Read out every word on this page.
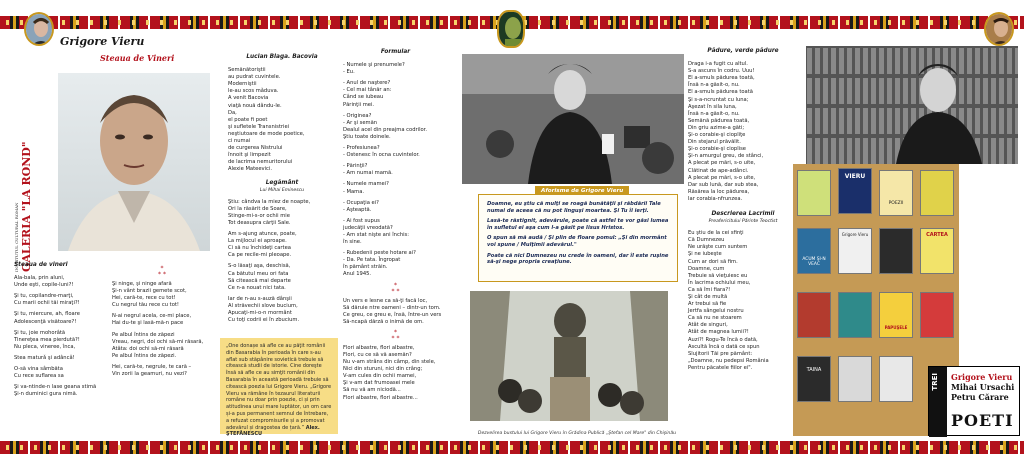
Grigore Vieru
Steaua de Vineri
INSTITUTUL CULTURAL ROMAN GALERIA "LA ROND"
Steaua de vineri
Ala-bala, prin aluni,
Unde eşti, copile-luni?!
Şi tu, copilandre-marţi,
Cu marii ochii tăi miraţi?!
Şi tu, miercure, ah, floare
Adolescenţă visătoare?!
Şi tu, joie mohorâtă
Tinereţea mea pierdută?!
Nu pleca, vineree, înca,
Stea maturǎ şi adâncǎ!
O-să vina sâmbăta
Cu rece suflarea sa
Şi va-ntinde-n lase geana stimă
Şi-n duminici gura nimă.
*
* *
Şi ninge, şi ninge afară
Şi-n vânt brazii gemete scot,
Hei, cară-te, rece cu tot!
Cu negrul tău rece cu tot!
N-ai negrul acela, ce-mi place,
Hai du-te şi lasă-mă-n pace
Pe albul întins de zăpezi
Vreau, negri, doi ochi să-mi răsară,
Atâta: doi ochi să-mi răsară
Pe albul întins de zăpezi.
Hei, cară-te, negrule, te cară –
Vin zorii la geamuri, nu vezi?
Lucian Blaga. Bacovia
Semănătoriştii
au pudrat cuvintele.
Moderniştii
le-au scos mǎduva.
A venit Bacovia
viaţă nouă dându-le.
Da,
el poate fi poet
şi sufletele Transnistriei
neştiutoare de mode poetice,
ci numai
de curgerea Nistrului
înnoit şi limpezit
de lacrima nemuritorului
Alexie Mateevici.
Legământ
Lui Mihai Eminescu
Ştiu: cândva la miez de noapte,
Ori la răsărit de Soare,
Stinge-mi-s-or ochii mie
Tot deasupra cărţii Sale.
Am s-ajung atunce, poate,
La mijlocul ei aproape.
Ci să nu închideţi cartea
Ca pe recile-mi pleoape.
S-o lăsaţi aşa, deschisă,
Ca bătutul meu ori fata
Să citească mai departe
Ce n-a nouat nici tata.
Iar de n-au s-auză dânşii
Al străvechii slove bucium,
Apucaţi-mi-o-n mormânt
Cu toţi codrii ei în zbucium.
„One donașe să afle ce au păţit românii din Basarabia în perioada în care s-au aflat sub stăpânire sovietică trebuie să citească studii de istorie. Cine doreşte însă să afle ce au simţit românii din Basarabia în această perioadă trebuie să citească poezia lui Grigore Vieru. „Grigore Vieru va rămâne în tezaurul literaturii române nu doar prin poezie, ci și prin atitudinea unui mare luptător, un om care și-a pus permanent semnul de întrebare, a refuzat compromisurile și a promovat adevărul și dragostea de țară.” Alex. ŞTEFĂNESCU
Formular
- Numele şi prenumele?
- Eu.
- Anul de naştere?
- Cel mai tânăr an:
Când se iubeau
Părinţii mei.
- Originea?
- Ar şi semăn
Dealul acel din preajma codrilor.
Ştiu toate doinele.
- Profesiunea?
- Ostenesc în ocna cuvintelor.
- Părinţii?
- Am numai mamă.
- Numele mamei?
- Mama.
- Ocupaţia ei?
- Aşteaptă.
- Ai fost supus
judecăţii vreodată?
- Am stat nişte ani închis:
în sine.
- Rubedenii peste hotare ai?
- Da. Pe tata. Îngropat
în pământ străin.
Anul 1945.
*
* *
Un vers e lesne ca să-ţi facă loc,
Să dăruie ntre oameni – dintr-un tom.
Ce greu, ce greu e, însă, între-un vers
Să-ncapă dărză o inimă de om.
*
* *
Flori albastre, flori albastre,
Flori, cu ce să vă asemăn?
Nu v-am strâns din câmp, din stele,
Nici din sturuni, nici din crâng;
V-am cules din ochii mamei,
Şi v-am dat frumoasei mele
Să nu vă am niciodă...
Flori albastre, flori albastre...
Aforisme de Grigore Vieru

Doamne, eu ştiu că mulţi se roagă bunătăţii şi răbdării Tale numai de aceea că nu pot linguşi moartea. Şi Tu îi ierţi.

Lasă-te răstignit, adevărule, poate că astfel te vor găsi lumea în sufletul ei aşa cum l-a găsit pe Iisus Hristos.

O spun să mă audă / Şi plin de floare pomul: „Şi din mormânt voi spune / Mulţimii adevărul."

Poate că nici Dumnezeu nu crede în oameni, dar îl este ruşine să-şi nege propria creaţiune.

Dezvelirea bustului lui Grigore Vieru în Grădina Publică „Ştefan cel Mare" din Chişinău
Pădure, verde pădure
Draga i-a fugit cu altul.
S-a ascuns în codru. Uuu!
El a-smuls pădurea toată,
Însă n-a găsit-o, nu.
El a-smuls pădurea toată
Şi s-a-ncruntat cu luna;
Aşezat în sila luna,
Însă n-a găsit-o, nu.
Semănă pădurea toată,
Din griu azime-a găti;
Şi-o corabie-şi ciopliţe
Din stejarul prăvălit.
Şi-o corabie-şi cioplise
Şi-n amurgul greu, de stânci,
A plecat pe mări, s-o uite,
Clătinat de ape-adânci.
A plecat pe mări, s-o uite,
Dar sub lună, dar sub stea,
Răsărea la loc pădurea,
Iar corabia-nfrunzea.
Descrierea Lacrimii
Preafericitului Părinte Teoctist
Eu ştiu de la cei sfinţi
Că Dumnezeu
Ne urăşte cum suntem
Şi ne iubeşte
Cum ar dori să fim.
Doamne, cum
Trebuie să vieţuiesc eu
În lacrima ochiului meu,
Ca să îmi fiara?!
Şi cât de multă
Ar trebui să fie
Jertfa sângelui nostru
Ca să nu ne stoarem
Atât de singuri,
Atât de magnea lumii?!
Auzi?! Rogu-Te încă o dată,
Ascultă încă o dată ce spun
Slujitorii Tăi pre pământ:
„Doamne, nu pedepsi România
Pentru păcatele fiilor ei".
VIERU
POEZII
ACUM ŞI-N VEAC
Grigore Vieru	CARTEA
PAPUŞELE
TAINA
TREI Grigore Vieru
Mihai Ursachi
Petru Cărare
POETI
